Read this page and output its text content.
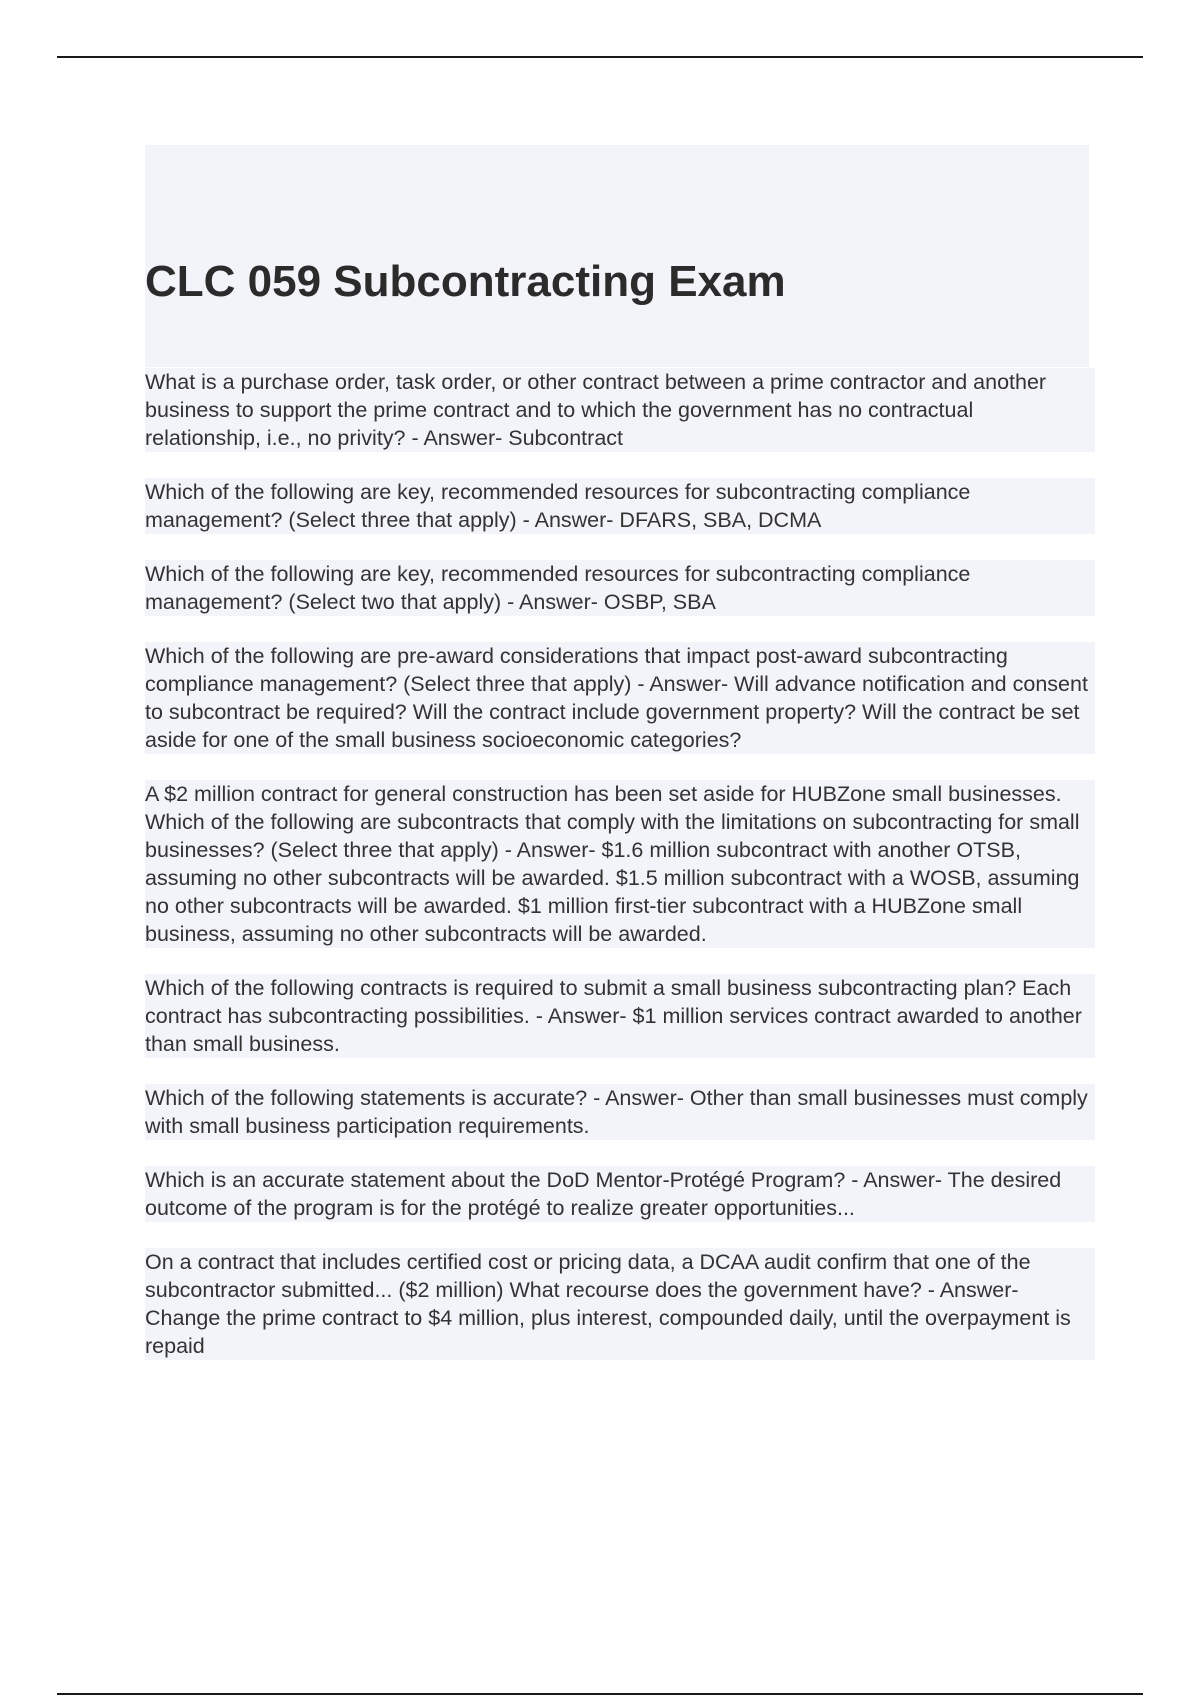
CLC 059 Subcontracting Exam

What is a purchase order, task order, or other contract between a prime contractor and another business to support the prime contract and to which the government has no contractual relationship, i.e., no privity? - Answer- Subcontract

Which of the following are key, recommended resources for subcontracting compliance management? (Select three that apply) - Answer- DFARS, SBA, DCMA

Which of the following are key, recommended resources for subcontracting compliance management? (Select two that apply) - Answer- OSBP, SBA

Which of the following are pre-award considerations that impact post-award subcontracting compliance management? (Select three that apply) - Answer- Will advance notification and consent to subcontract be required? Will the contract include government property? Will the contract be set aside for one of the small business socioeconomic categories?

A $2 million contract for general construction has been set aside for HUBZone small businesses. Which of the following are subcontracts that comply with the limitations on subcontracting for small businesses? (Select three that apply) - Answer- $1.6 million subcontract with another OTSB, assuming no other subcontracts will be awarded. $1.5 million subcontract with a WOSB, assuming no other subcontracts will be awarded. $1 million first-tier subcontract with a HUBZone small business, assuming no other subcontracts will be awarded.

Which of the following contracts is required to submit a small business subcontracting plan? Each contract has subcontracting possibilities. - Answer- $1 million services contract awarded to another than small business.

Which of the following statements is accurate? - Answer- Other than small businesses must comply with small business participation requirements.

Which is an accurate statement about the DoD Mentor-Protégé Program? - Answer- The desired outcome of the program is for the protégé to realize greater opportunities...

On a contract that includes certified cost or pricing data, a DCAA audit confirm that one of the subcontractor submitted... ($2 million) What recourse does the government have? - Answer- Change the prime contract to $4 million, plus interest, compounded daily, until the overpayment is repaid
